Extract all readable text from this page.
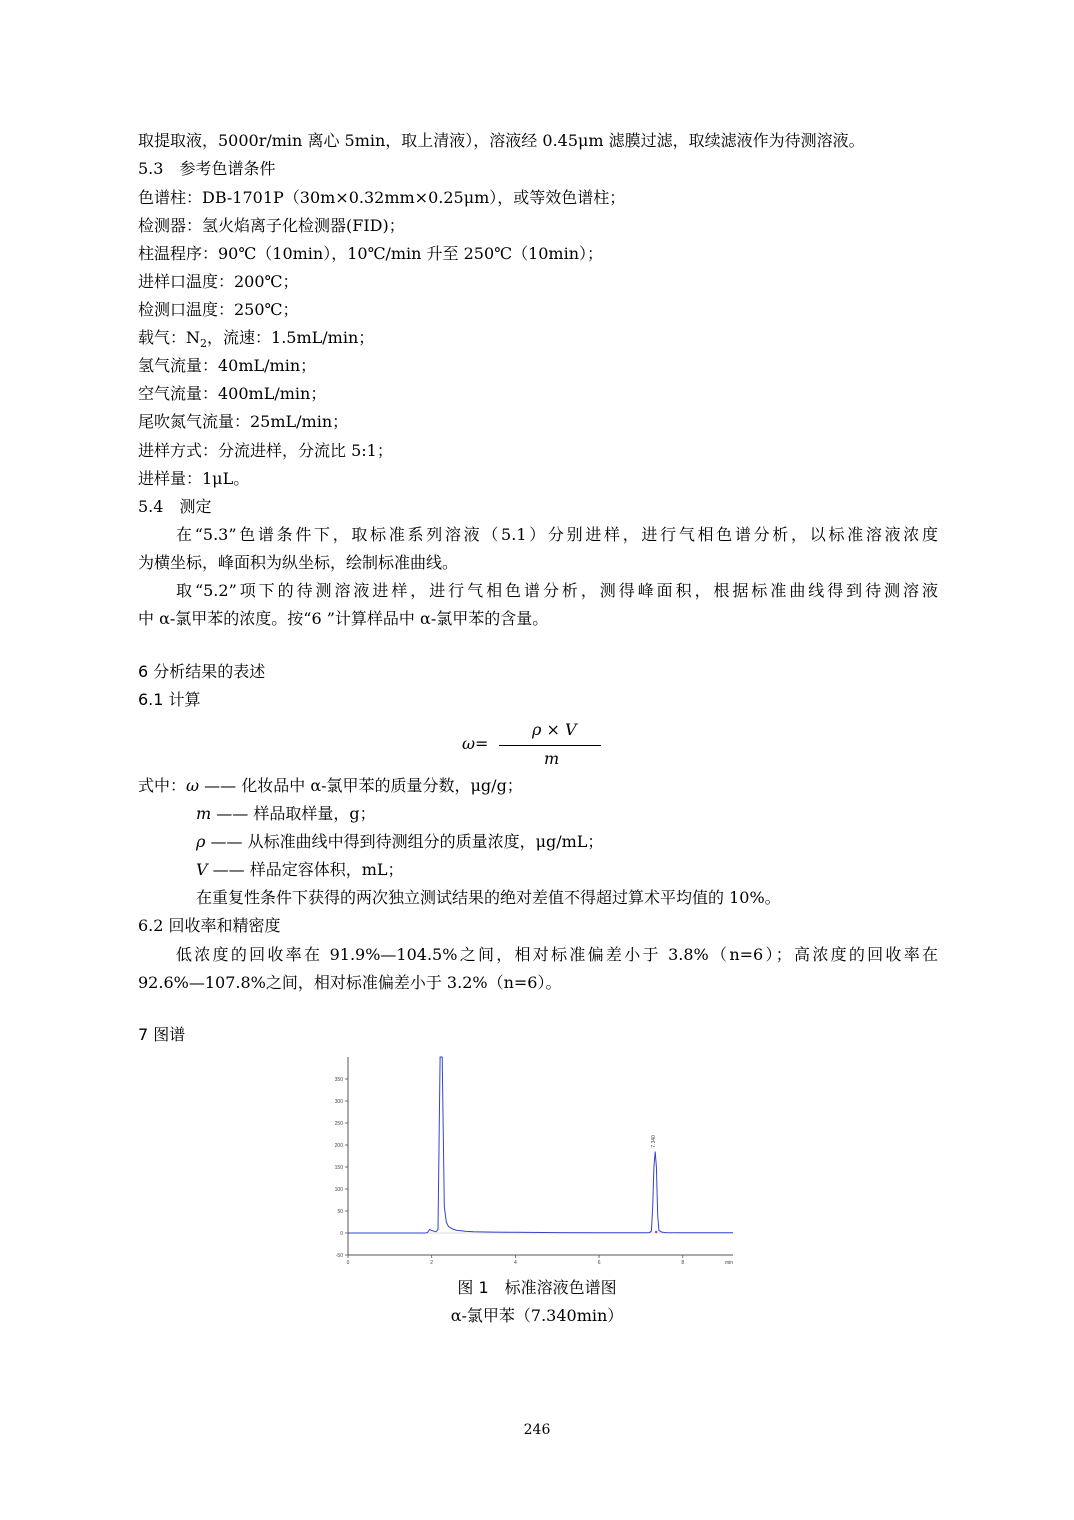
取提取液，5000r/min 离心 5min，取上清液），溶液经 0.45μm 滤膜过滤，取续滤液作为待测溶液。
5.3　参考色谱条件
色谱柱：DB-1701P（30m×0.32mm×0.25μm），或等效色谱柱；
检测器：氢火焰离子化检测器(FID)；
柱温程序：90℃（10min），10℃/min 升至 250℃（10min）；
进样口温度：200℃；
检测口温度：250℃；
载气：$N_2$，流速：1.5mL/min；
氢气流量：40mL/min；
空气流量：400mL/min；
尾吹氮气流量：25mL/min；
进样方式：分流进样，分流比 5:1；
进样量：1μL。
5.4　测定
在“5.3”色谱条件下，取标准系列溶液（5.1）分别进样，进行气相色谱分析，以标准溶液浓度
为横坐标，峰面积为纵坐标，绘制标准曲线。
取“5.2”项下的待测溶液进样，进行气相色谱分析，测得峰面积，根据标准曲线得到待测溶液
中 α-氯甲苯的浓度。按“6 ”计算样品中 α-氯甲苯的含量。
6 分析结果的表述
6.1 计算
ω=
ρ × V
m
式中：ω —— 化妆品中 α-氯甲苯的质量分数，μg/g；
m —— 样品取样量，g；
ρ —— 从标准曲线中得到待测组分的质量浓度，μg/mL；
V —— 样品定容体积，mL；
在重复性条件下获得的两次独立测试结果的绝对差值不得超过算术平均值的 10%。
6.2 回收率和精密度
低浓度的回收率在 91.9%—104.5%之间，相对标准偏差小于 3.8%（n=6）；高浓度的回收率在
92.6%—107.8%之间，相对标准偏差小于 3.2%（n=6）。
7 图谱
-50
0
50
100
150
200
250
300
350
0	2	4	6	8	min
7.340
图 1　标准溶液色谱图
α-氯甲苯（7.340min）
246
